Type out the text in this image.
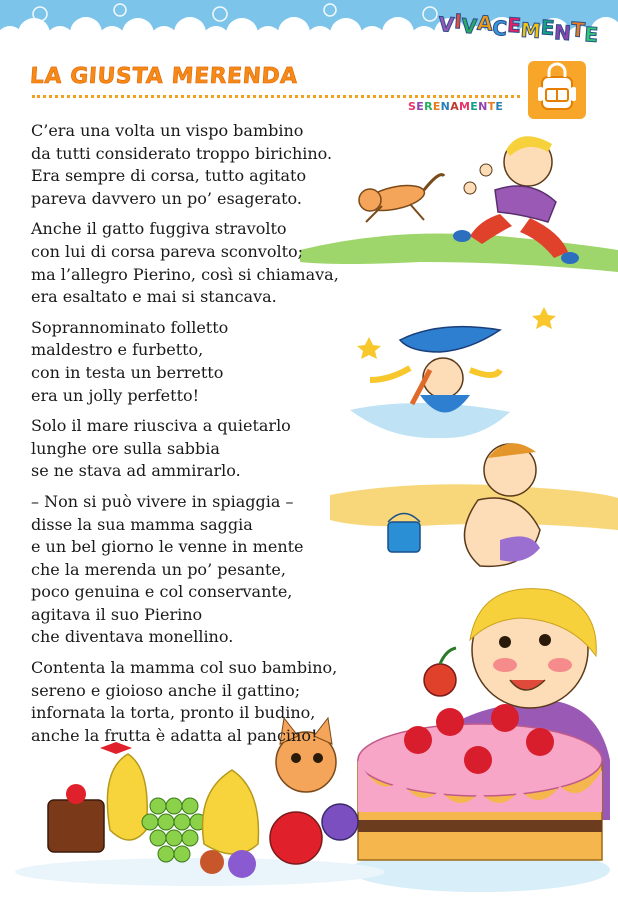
VIVACEMENTE
LA GIUSTA MERENDA
SERENAMENTE
C’era una volta un vispo bambino
da tutti considerato troppo birichino.
Era sempre di corsa, tutto agitato
pareva davvero un po’ esagerato.
Anche il gatto fuggiva stravolto
con lui di corsa pareva sconvolto;
ma l’allegro Pierino, così si chiamava,
era esaltato e mai si stancava.
Soprannominato folletto
maldestro e furbetto,
con in testa un berretto
era un jolly perfetto!
Solo il mare riusciva a quietarlo
lunghe ore sulla sabbia
se ne stava ad ammirarlo.
– Non si può vivere in spiaggia –
disse la sua mamma saggia
e un bel giorno le venne in mente
che la merenda un po’ pesante,
poco genuina e col conservante,
agitava il suo Pierino
che diventava monellino.
Contenta la mamma col suo bambino,
sereno e gioioso anche il gattino;
infornata la torta, pronto il budino,
anche la frutta è adatta al pancino!
